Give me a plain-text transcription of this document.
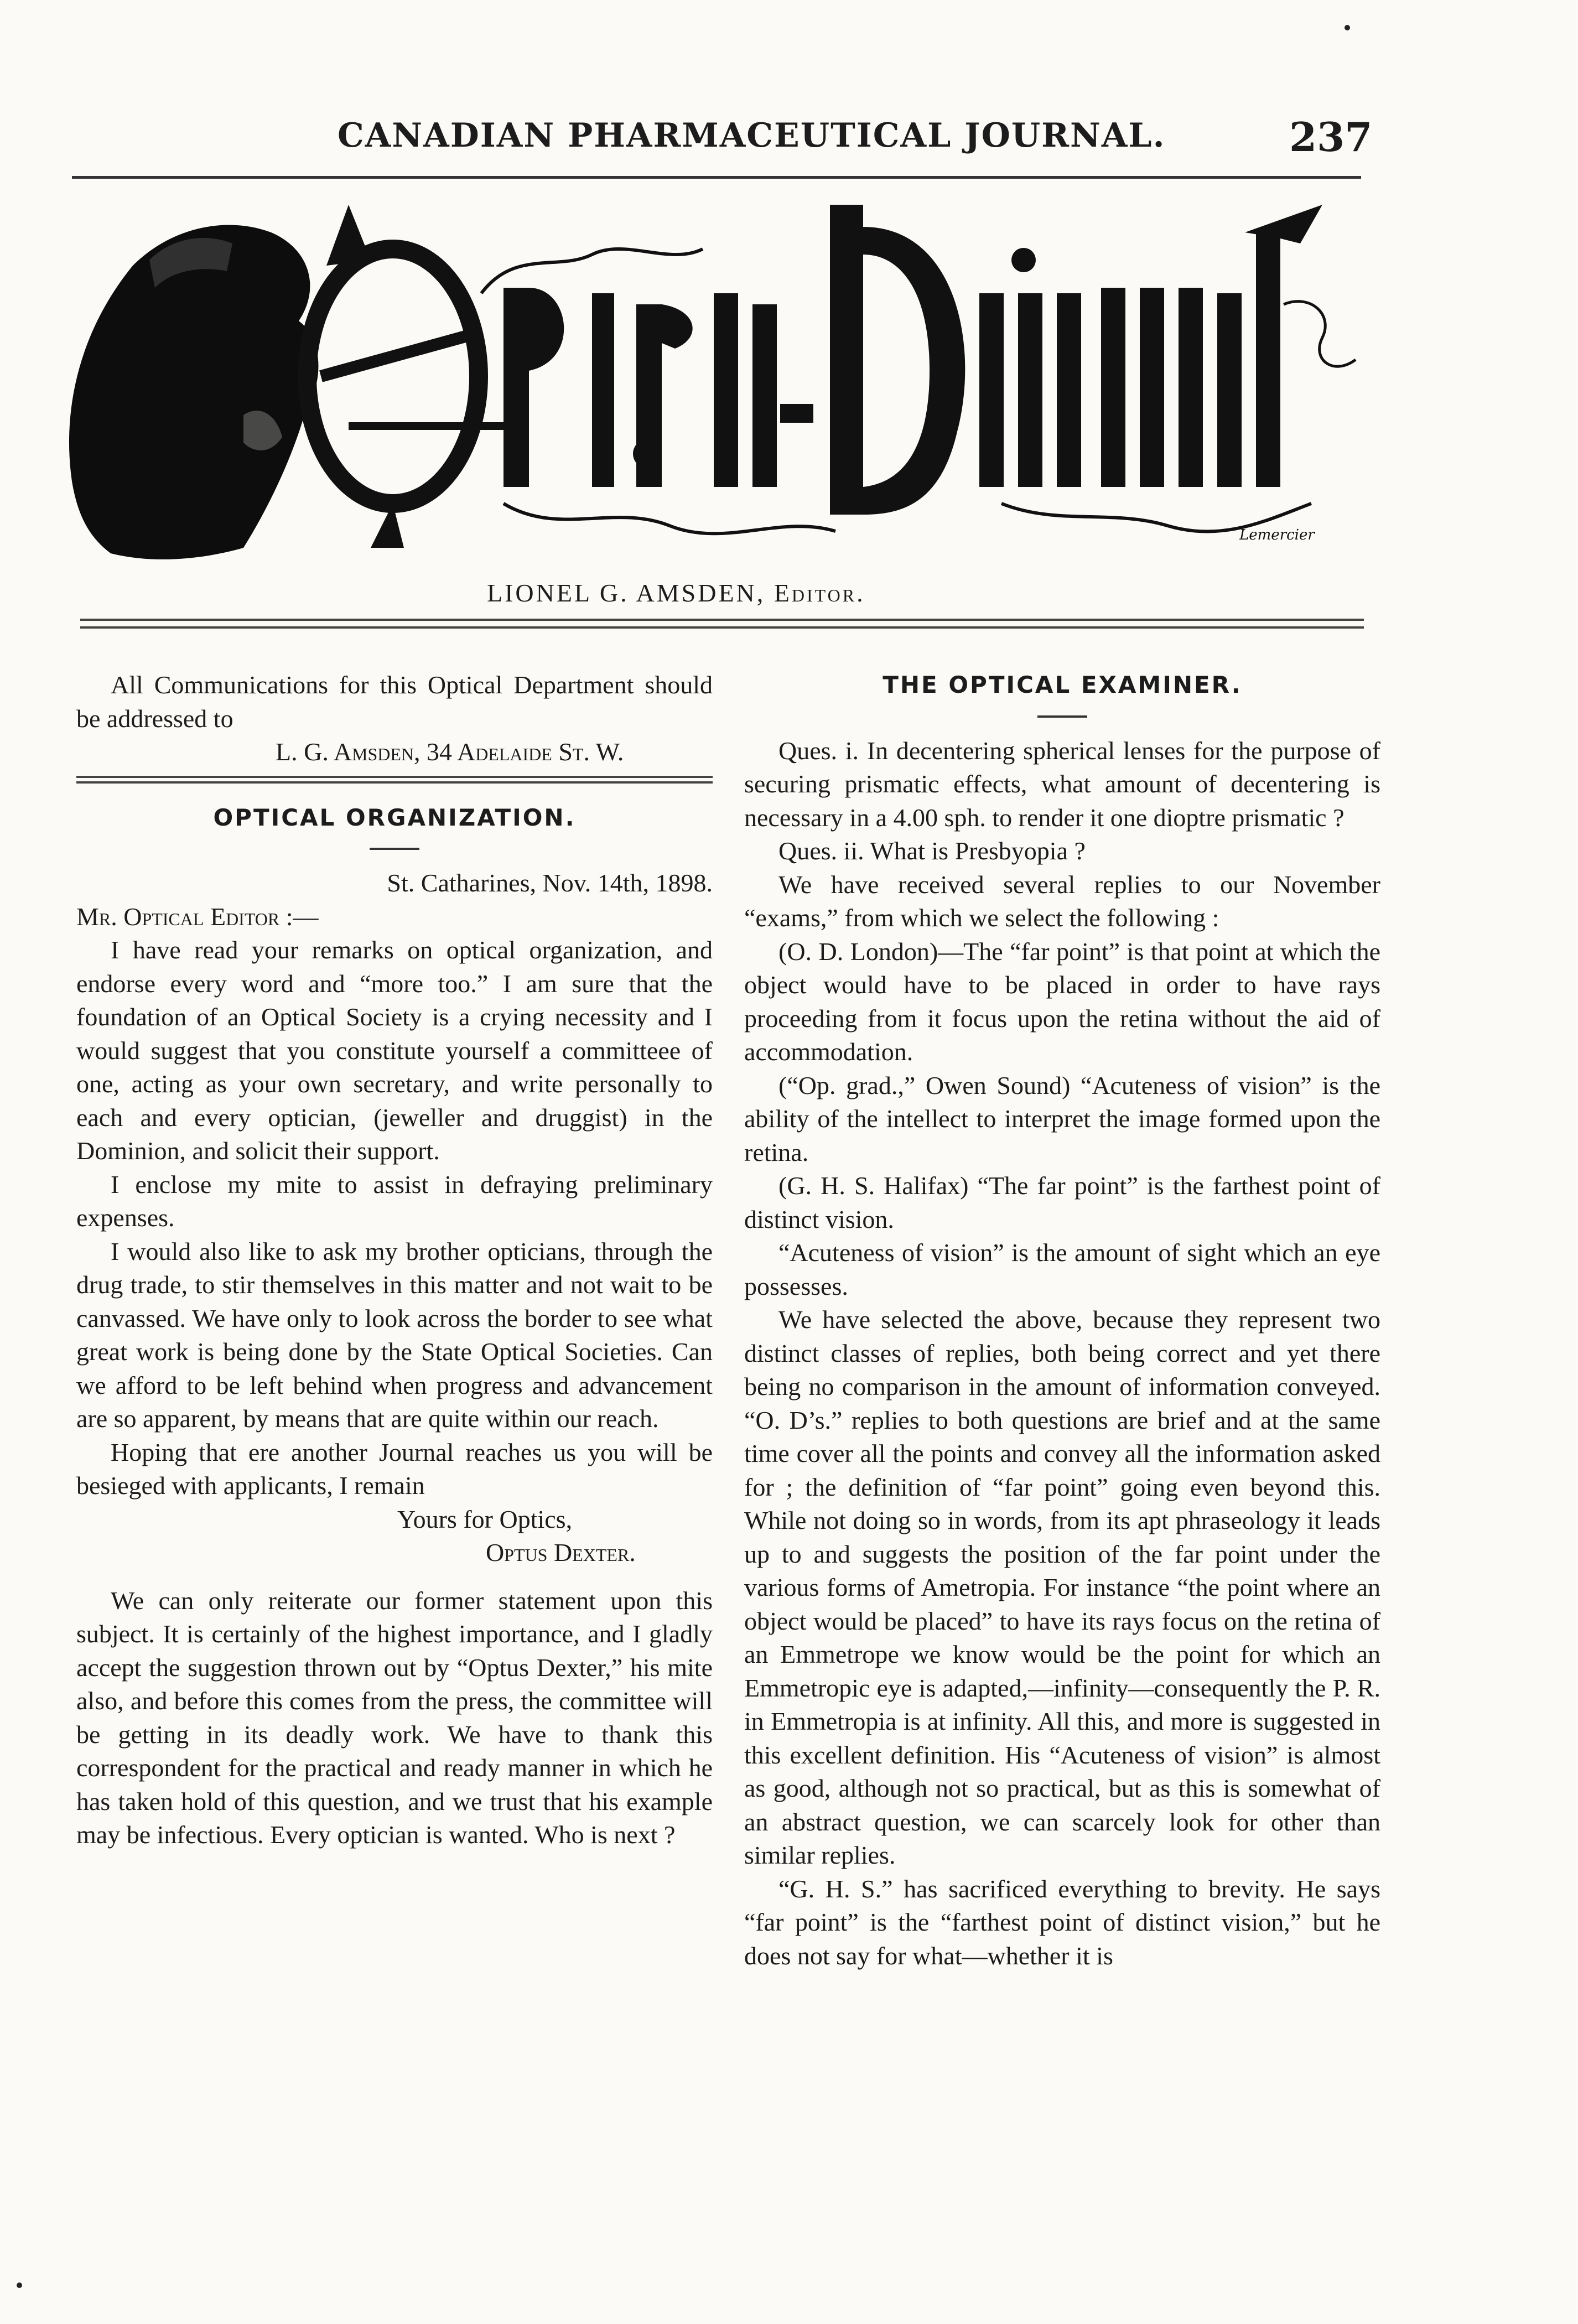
CANADIAN PHARMACEUTICAL JOURNAL.	237
Lemercier
LIONEL G. AMSDEN, Editor.

All Communications for this Optical Department should be addressed to

L. G. Amsden, 34 Adelaide St. W.

OPTICAL ORGANIZATION.

St. Catharines, Nov. 14th, 1898.

Mr. Optical Editor :—

I have read your remarks on optical organization, and endorse every word and “more too.” I am sure that the foundation of an Optical Society is a crying necessity and I would suggest that you constitute yourself a committeee of one, acting as your own secretary, and write personally to each and every optician, (jeweller and druggist) in the Dominion, and solicit their support.

I enclose my mite to assist in defraying preliminary expenses.

I would also like to ask my brother opticians, through the drug trade, to stir themselves in this matter and not wait to be canvassed. We have only to look across the border to see what great work is being done by the State Optical Societies. Can we afford to be left behind when progress and advancement are so apparent, by means that are quite within our reach.

Hoping that ere another Journal reaches us you will be besieged with applicants, I remain

Yours for Optics,

Optus Dexter.

We can only reiterate our former statement upon this subject. It is certainly of the highest importance, and I gladly accept the suggestion thrown out by “Optus Dexter,” his mite also, and before this comes from the press, the committee will be getting in its deadly work. We have to thank this correspondent for the practical and ready manner in which he has taken hold of this question, and we trust that his example may be infectious. Every optician is wanted. Who is next ?

THE OPTICAL EXAMINER.

Ques. i. In decentering spherical lenses for the purpose of securing prismatic effects, what amount of decentering is necessary in a 4.00 sph. to render it one dioptre prismatic ?

Ques. ii. What is Presbyopia ?

We have received several replies to our November “exams,” from which we select the following :

(O. D. London)—The “far point” is that point at which the object would have to be placed in order to have rays proceeding from it focus upon the retina without the aid of accommodation.

(“Op. grad.,” Owen Sound) “Acuteness of vision” is the ability of the intellect to interpret the image formed upon the retina.

(G. H. S. Halifax) “The far point” is the farthest point of distinct vision.

“Acuteness of vision” is the amount of sight which an eye possesses.

We have selected the above, because they represent two distinct classes of replies, both being correct and yet there being no comparison in the amount of information conveyed. “O. D’s.” replies to both questions are brief and at the same time cover all the points and convey all the information asked for ; the definition of “far point” going even beyond this. While not doing so in words, from its apt phraseology it leads up to and suggests the position of the far point under the various forms of Ametropia. For instance “the point where an object would be placed” to have its rays focus on the retina of an Emmetrope we know would be the point for which an Emmetropic eye is adapted,—infinity—consequently the P. R. in Emmetropia is at infinity. All this, and more is suggested in this excellent definition. His “Acuteness of vision” is almost as good, although not so practical, but as this is somewhat of an abstract question, we can scarcely look for other than similar replies.

“G. H. S.” has sacrificed everything to brevity. He says “far point” is the “farthest point of distinct vision,” but he does not say for what—whether it is
